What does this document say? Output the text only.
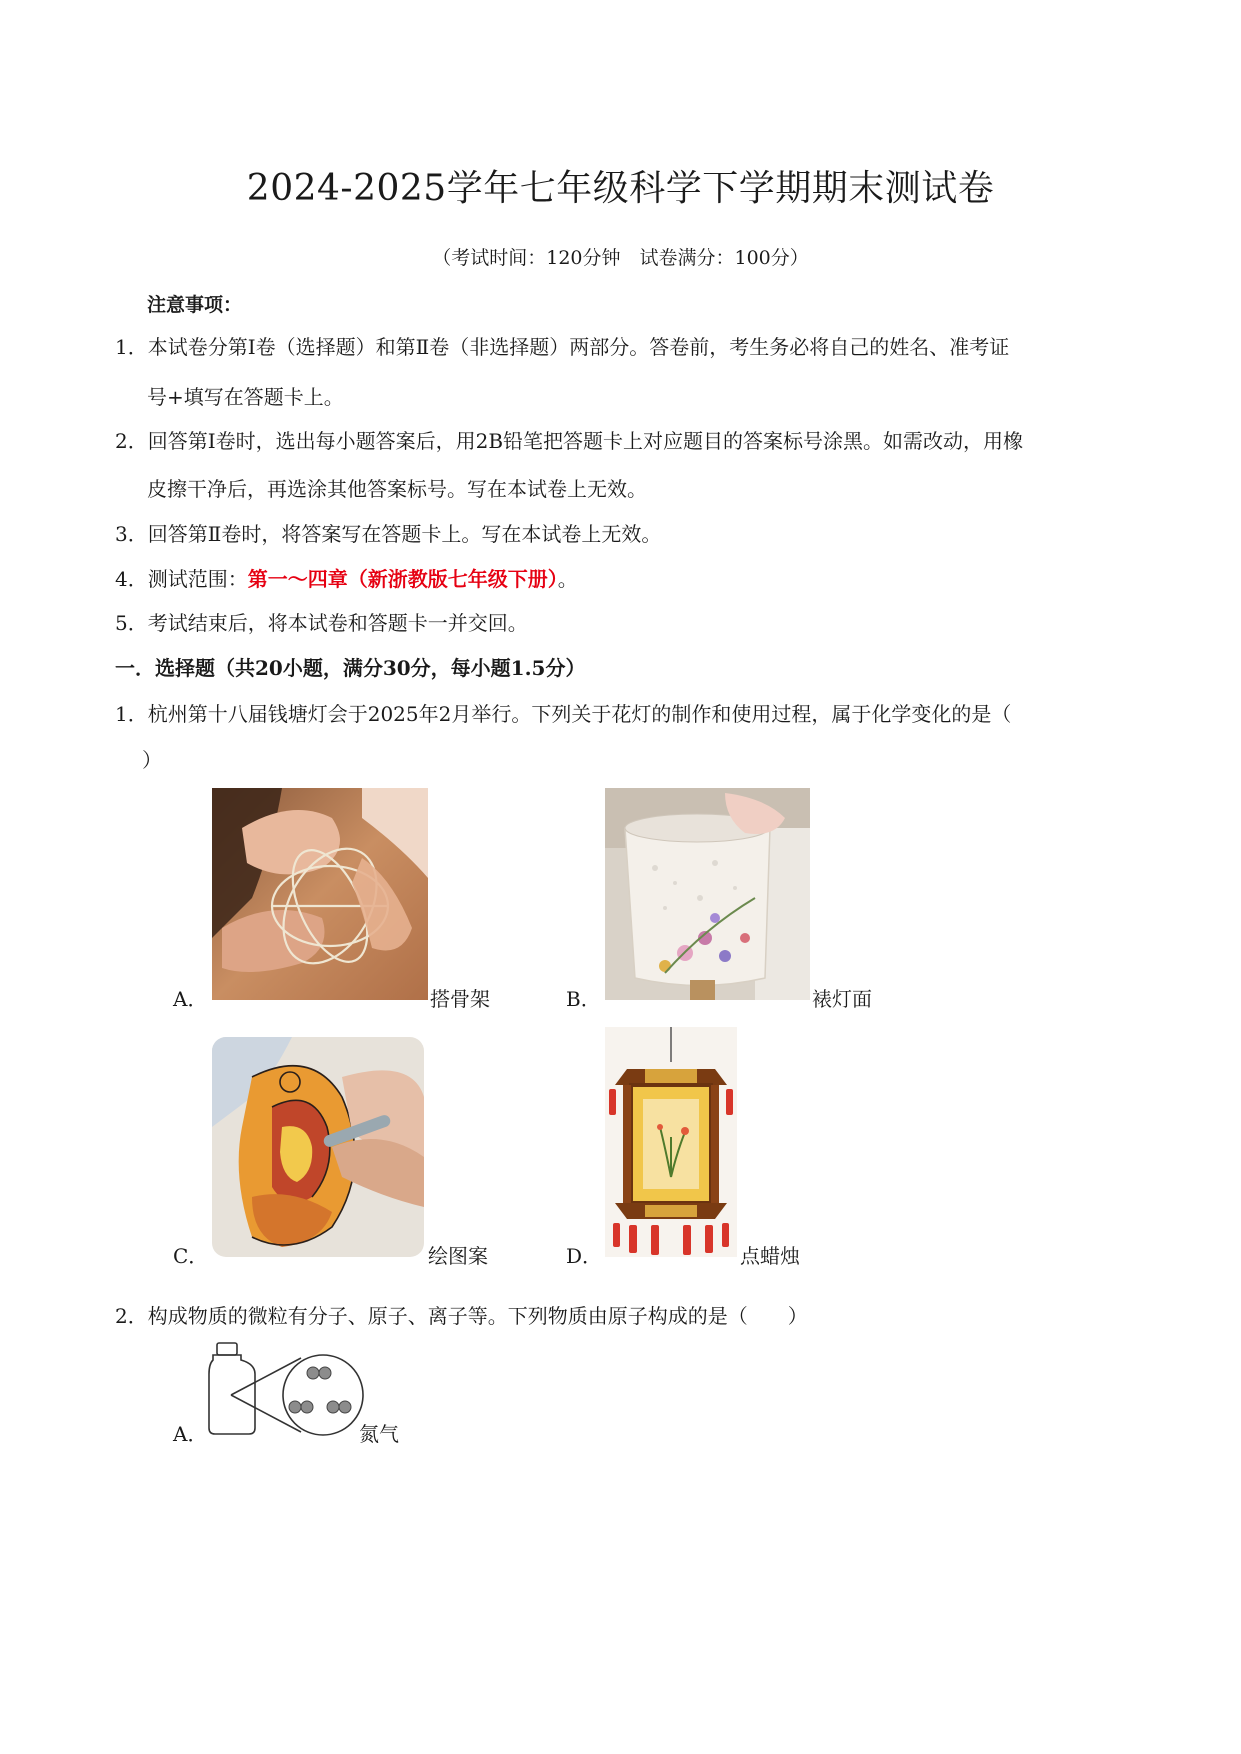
2024-2025学年七年级科学下学期期末测试卷
（考试时间：120分钟　试卷满分：100分）
注意事项：
1．本试卷分第Ⅰ卷（选择题）和第Ⅱ卷（非选择题）两部分。答卷前，考生务必将自己的姓名、准考证
号+填写在答题卡上。
2．回答第Ⅰ卷时，选出每小题答案后，用2B铅笔把答题卡上对应题目的答案标号涂黑。如需改动，用橡
皮擦干净后，再选涂其他答案标号。写在本试卷上无效。
3．回答第Ⅱ卷时，将答案写在答题卡上。写在本试卷上无效。
4．测试范围：第一～四章（新浙教版七年级下册）。
5．考试结束后，将本试卷和答题卡一并交回。
一．选择题（共20小题，满分30分，每小题1.5分）
1．杭州第十八届钱塘灯会于2025年2月举行。下列关于花灯的制作和使用过程，属于化学变化的是（
）
A．	搭骨架	B．	裱灯面
C．	绘图案	D．	点蜡烛
2．构成物质的微粒有分子、原子、离子等。下列物质由原子构成的是（　　）
A．	氮气
